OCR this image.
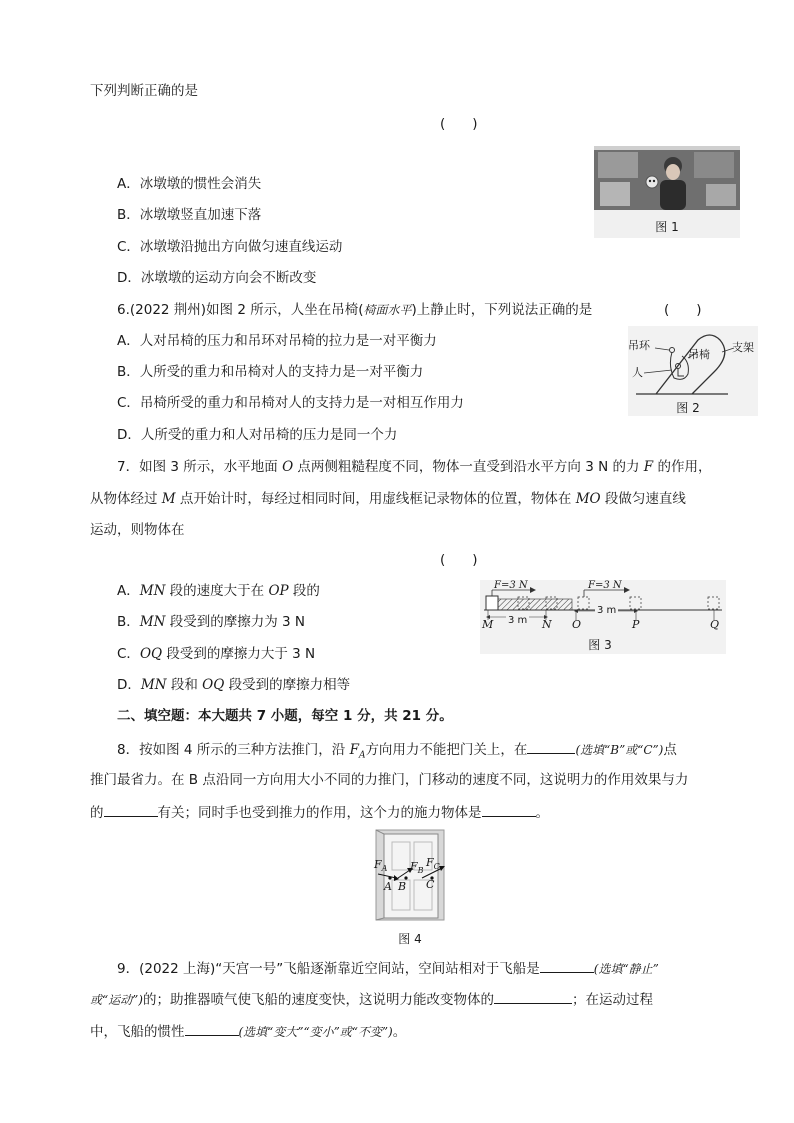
下列判断正确的是
(　　)
图 1
A．冰墩墩的惯性会消失
B．冰墩墩竖直加速下落
C．冰墩墩沿抛出方向做匀速直线运动
D．冰墩墩的运动方向会不断改变
6.(2022 荆州)如图 2 所示，人坐在吊椅(椅面水平)上静止时，下列说法正确的是	(　　)
A．人对吊椅的压力和吊环对吊椅的拉力是一对平衡力
B．人所受的重力和吊椅对人的支持力是一对平衡力
C．吊椅所受的重力和吊椅对人的支持力是一对相互作用力
D．人所受的重力和人对吊椅的压力是同一个力
吊环
吊椅
支架
人
图 2
7．如图 3 所示，水平地面 O 点两侧粗糙程度不同，物体一直受到沿水平方向 3 N 的力 F 的作用，
从物体经过 M 点开始计时，每经过相同时间，用虚线框记录物体的位置，物体在 MO 段做匀速直线
运动，则物体在
(　　)
A．MN 段的速度大于在 OP 段的
B．MN 段受到的摩擦力为 3 N
C．OQ 段受到的摩擦力大于 3 N
D．MN 段和 OQ 段受到的摩擦力相等
F=3 N	F=3 N
3 m
3 m
M	N O	P	Q
图 3
二、填空题：本大题共 7 小题，每空 1 分，共 21 分。
8．按如图 4 所示的三种方法推门，沿 $F_A$方向用力不能把门关上，在	(选填“B”或“C”)点
推门最省力。在 B 点沿同一方向用大小不同的力推门，门移动的速度不同，这说明力的作用效果与力
的	有关；同时手也受到推力的作用，这个力的施力物体是	。
$F_A$ $F_B$
$F_C$
A B C
图 4
9．(2022 上海)“天宫一号”飞船逐渐靠近空间站，空间站相对于飞船是	(选填“静止”
或“运动”)的；助推器喷气使飞船的速度变快，这说明力能改变物体的	；在运动过程
中，飞船的惯性	(选填“变大”“变小”或“不变”)。
